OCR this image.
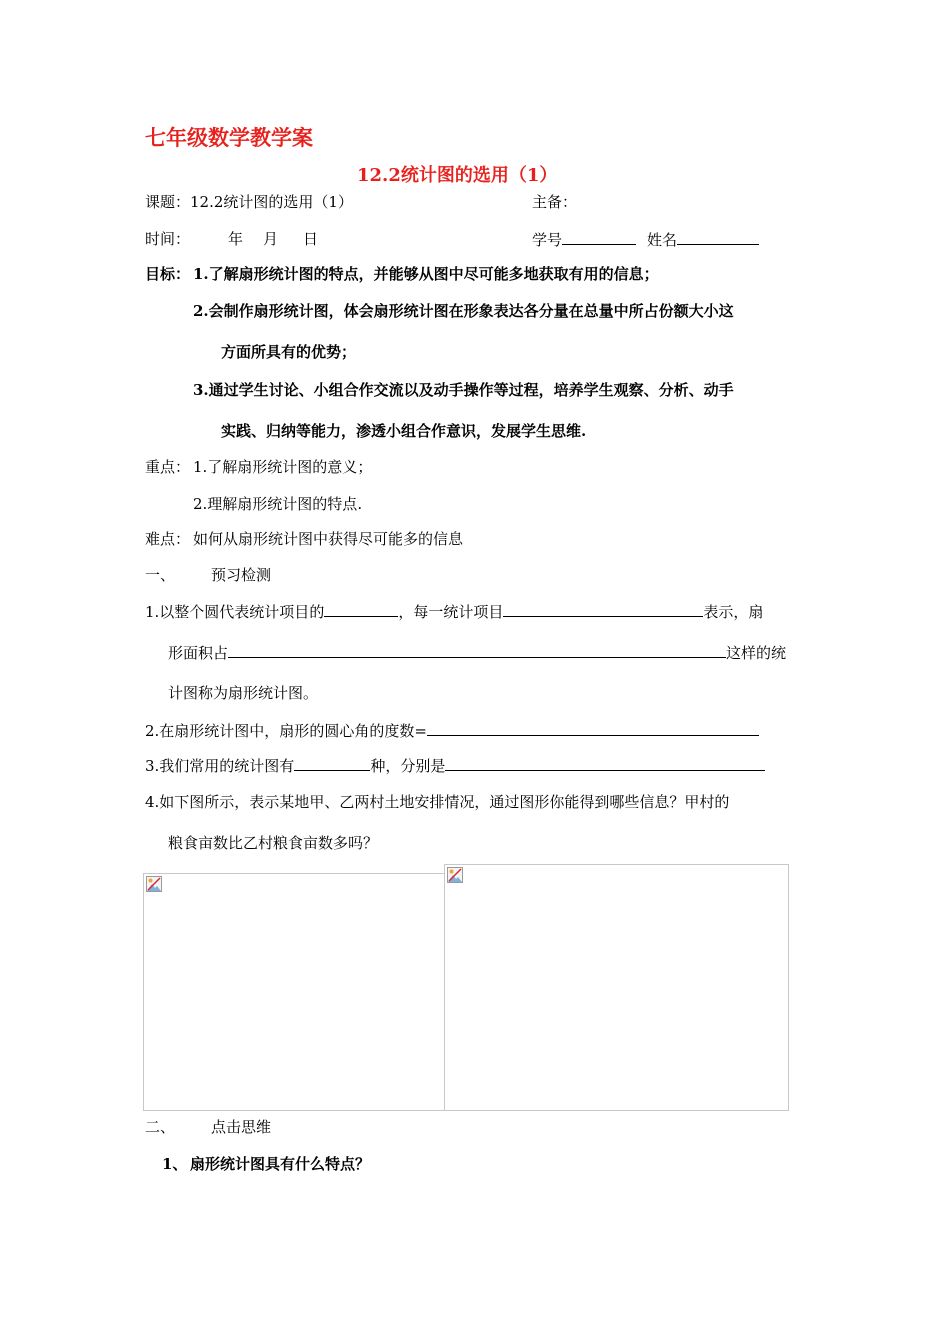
七年级数学教学案
12.2统计图的选用（1）
课题：12.2统计图的选用（1）	主备：
时间：	年 月 日	学号	姓名
目标： 1.了解扇形统计图的特点，并能够从图中尽可能多地获取有用的信息；
2.会制作扇形统计图，体会扇形统计图在形象表达各分量在总量中所占份额大小这
方面所具有的优势；
3.通过学生讨论、小组合作交流以及动手操作等过程，培养学生观察、分析、动手
实践、归纳等能力，渗透小组合作意识，发展学生思维.
重点： 1.了解扇形统计图的意义；
2.理解扇形统计图的特点.
难点： 如何从扇形统计图中获得尽可能多的信息
一、 预习检测
1.以整个圆代表统计项目的	，每一统计项目	表示，扇
形面积占	这样的统
计图称为扇形统计图。
2.在扇形统计图中，扇形的圆心角的度数=
3.我们常用的统计图有	种，分别是
4.如下图所示，表示某地甲、乙两村土地安排情况，通过图形你能得到哪些信息？甲村的
粮食亩数比乙村粮食亩数多吗？
二、 点击思维
1、 扇形统计图具有什么特点？
